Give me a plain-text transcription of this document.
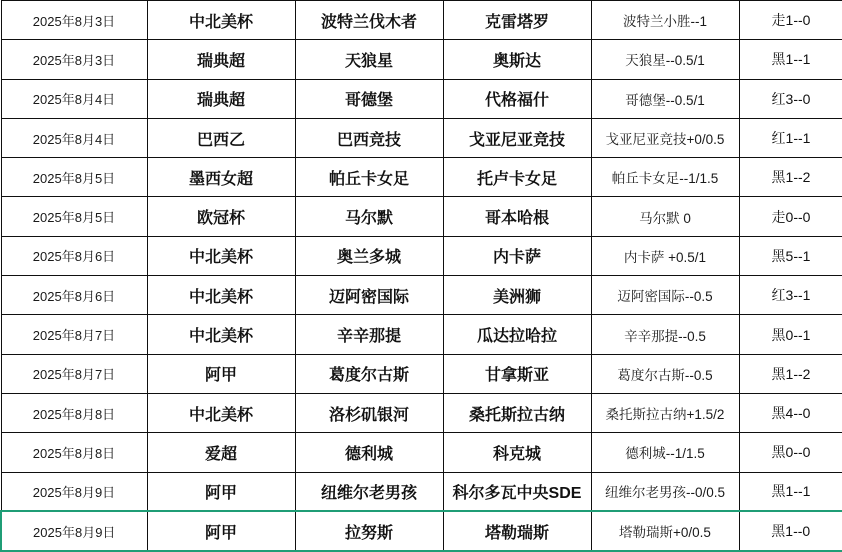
2025年8月3日	中北美杯	波特兰伐木者	克雷塔罗	波特兰小胜--1	走1--0
2025年8月3日	瑞典超	天狼星	奥斯达	天狼星--0.5/1	黑1--1
2025年8月4日	瑞典超	哥德堡	代格福什	哥德堡--0.5/1	红3--0
2025年8月4日	巴西乙	巴西竞技	戈亚尼亚竞技	戈亚尼亚竞技+0/0.5	红1--1
2025年8月5日	墨西女超	帕丘卡女足	托卢卡女足	帕丘卡女足--1/1.5	黑1--2
2025年8月5日	欧冠杯	马尔默	哥本哈根	马尔默 0	走0--0
2025年8月6日	中北美杯	奥兰多城	内卡萨	内卡萨 +0.5/1	黑5--1
2025年8月6日	中北美杯	迈阿密国际	美洲狮	迈阿密国际--0.5	红3--1
2025年8月7日	中北美杯	辛辛那提	瓜达拉哈拉	辛辛那提--0.5	黑0--1
2025年8月7日	阿甲	葛度尔古斯	甘拿斯亚	葛度尔古斯--0.5	黑1--2
2025年8月8日	中北美杯	洛杉矶银河	桑托斯拉古纳	桑托斯拉古纳+1.5/2	黑4--0
2025年8月8日	爱超	德利城	科克城	德利城--1/1.5	黑0--0
2025年8月9日	阿甲	纽维尔老男孩	科尔多瓦中央SDE	纽维尔老男孩--0/0.5	黑1--1
2025年8月9日	阿甲	拉努斯	塔勒瑞斯	塔勒瑞斯+0/0.5	黑1--0
